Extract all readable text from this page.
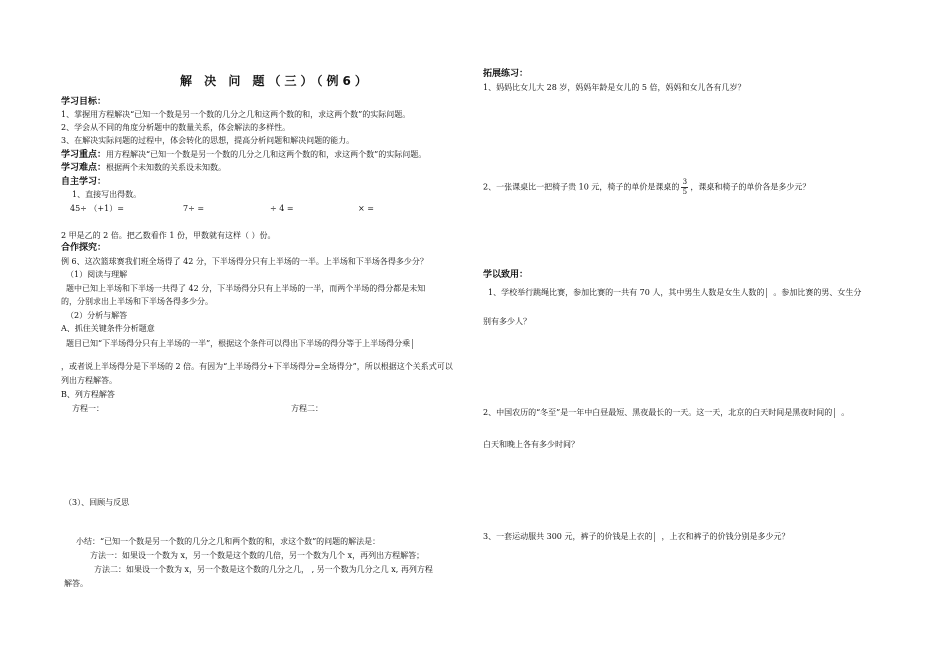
解 决 问 题（三）（例6）
学习目标：
1、掌握用方程解决“已知一个数是另一个数的几分之几和这两个数的和，求这两个数”的实际问题。
2、学会从不同的角度分析题中的数量关系，体会解法的多样性。
3、在解决实际问题的过程中，体会转化的思想，提高分析问题和解决问题的能力。
学习重点：用方程解决“已知一个数是另一个数的几分之几和这两个数的和，求这两个数”的实际问题。
学习难点：根据两个未知数的关系设未知数。
自主学习：
1、直接写出得数。
45÷ （+1）=	7÷ =	÷ 4 =	× =
2 甲是乙的 2 倍。把乙数看作 1 份，甲数就有这样（ ）份。
合作探究：
例 6、这次篮球赛我们班全场得了 42 分，下半场得分只有上半场的一半。上半场和下半场各得多少分？
（1）阅读与理解
题中已知上半场和下半场一共得了 42 分，下半场得分只有上半场的一半，而两个半场的得分都是未知
的，分别求出上半场和下半场各得多少分。
（2）分析与解答
A、抓住关键条件分析题意
题目已知“下半场得分只有上半场的一半”，根据这个条件可以得出下半场的得分等于上半场得分乘
，或者说上半场得分是下半场的 2 倍。有因为“上半场得分+下半场得分=全场得分”，所以根据这个关系式可以
列出方程解答。
B、列方程解答
方程一：	方程二：
（3）、回顾与反思
小结：“已知一个数是另一个数的几分之几和两个数的和，求这个数”的问题的解法是：
方法一：如果设一个数为 x，另一个数是这个数的几倍，另一个数为几个 x，再列出方程解答；
方法二：如果设一个数为 x，另一个数是这个数的几分之几， , 另一个数为几分之几 x, 再列方程
解答。
拓展练习：
1、妈妈比女儿大 28 岁，妈妈年龄是女儿的 5 倍，妈妈和女儿各有几岁？
2、一张课桌比一把椅子贵 10 元，椅子的单价是课桌的 $\frac{3}{5}$ ，课桌和椅子的单价各是多少元？
学以致用：
1、学校举行跳绳比赛，参加比赛的一共有 70 人，其中男生人数是女生人数的 。参加比赛的男、女生分
别有多少人？
2、中国农历的“冬至”是一年中白昼最短、黑夜最长的一天。这一天，北京的白天时间是黑夜时间的 。
白天和晚上各有多少时间？
3、一套运动服共 300 元，裤子的价钱是上衣的 ，上衣和裤子的价钱分别是多少元？
